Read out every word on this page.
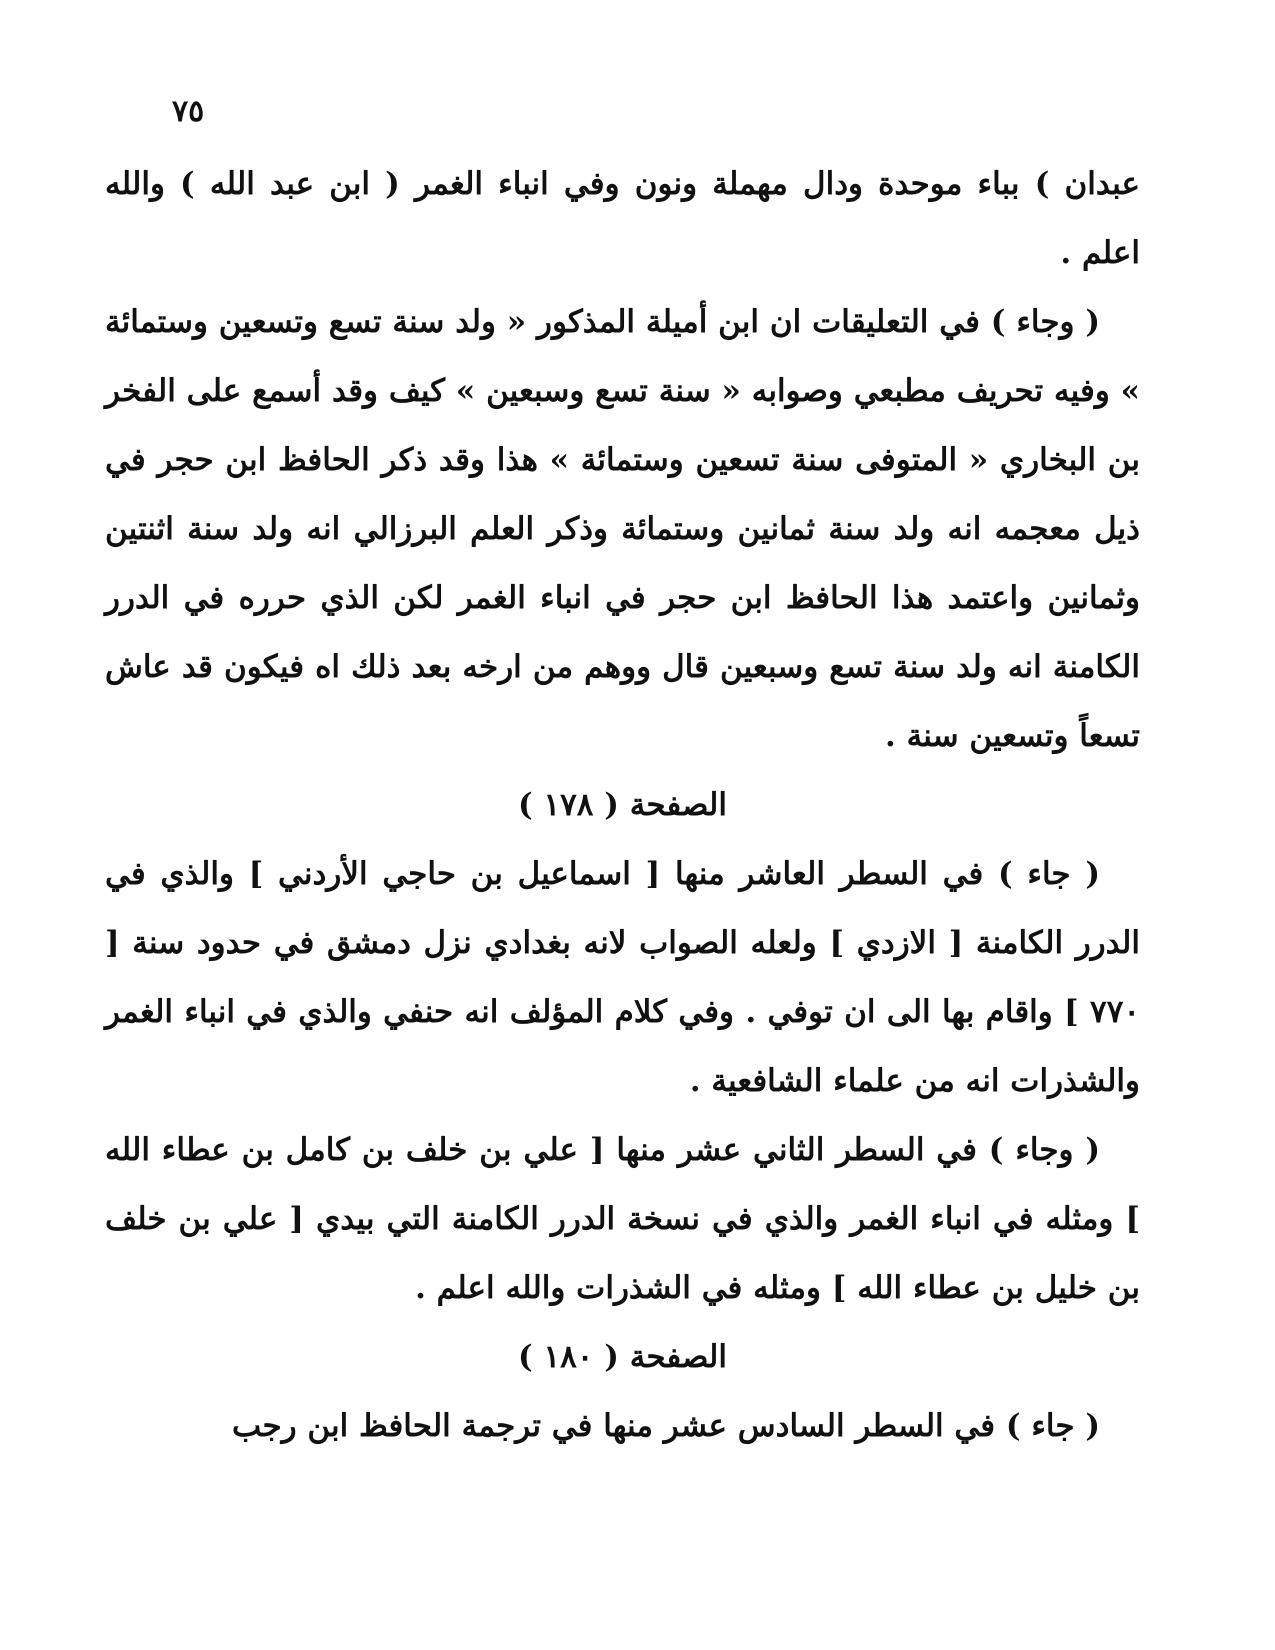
٧٥

عبدان ) بباء موحدة ودال مهملة ونون وفي انباء الغمر ( ابن عبد الله ) والله اعلم .

( وجاء ) في التعليقات ان ابن أميلة المذكور « ولد سنة تسع وتسعين وستمائة » وفيه تحريف مطبعي وصوابه « سنة تسع وسبعين » كيف وقد أسمع على الفخر بن البخاري « المتوفى سنة تسعين وستمائة » هذا وقد ذكر الحافظ ابن حجر في ذيل معجمه انه ولد سنة ثمانين وستمائة وذكر العلم البرزالي انه ولد سنة اثنتين وثمانين واعتمد هذا الحافظ ابن حجر في انباء الغمر لكن الذي حرره في الدرر الكامنة انه ولد سنة تسع وسبعين قال ووهم من ارخه بعد ذلك اه فيكون قد عاش تسعاً وتسعين سنة .

الصفحة ( ١٧٨ )

( جاء ) في السطر العاشر منها [ اسماعيل بن حاجي الأردني ] والذي في الدرر الكامنة [ الازدي ] ولعله الصواب لانه بغدادي نزل دمشق في حدود سنة [ ٧٧٠ ] واقام بها الى ان توفي . وفي كلام المؤلف انه حنفي والذي في انباء الغمر والشذرات انه من علماء الشافعية .

( وجاء ) في السطر الثاني عشر منها [ علي بن خلف بن كامل بن عطاء الله ] ومثله في انباء الغمر والذي في نسخة الدرر الكامنة التي بيدي [ علي بن خلف بن خليل بن عطاء الله ] ومثله في الشذرات والله اعلم .

الصفحة ( ١٨٠ )

( جاء ) في السطر السادس عشر منها في ترجمة الحافظ ابن رجب
